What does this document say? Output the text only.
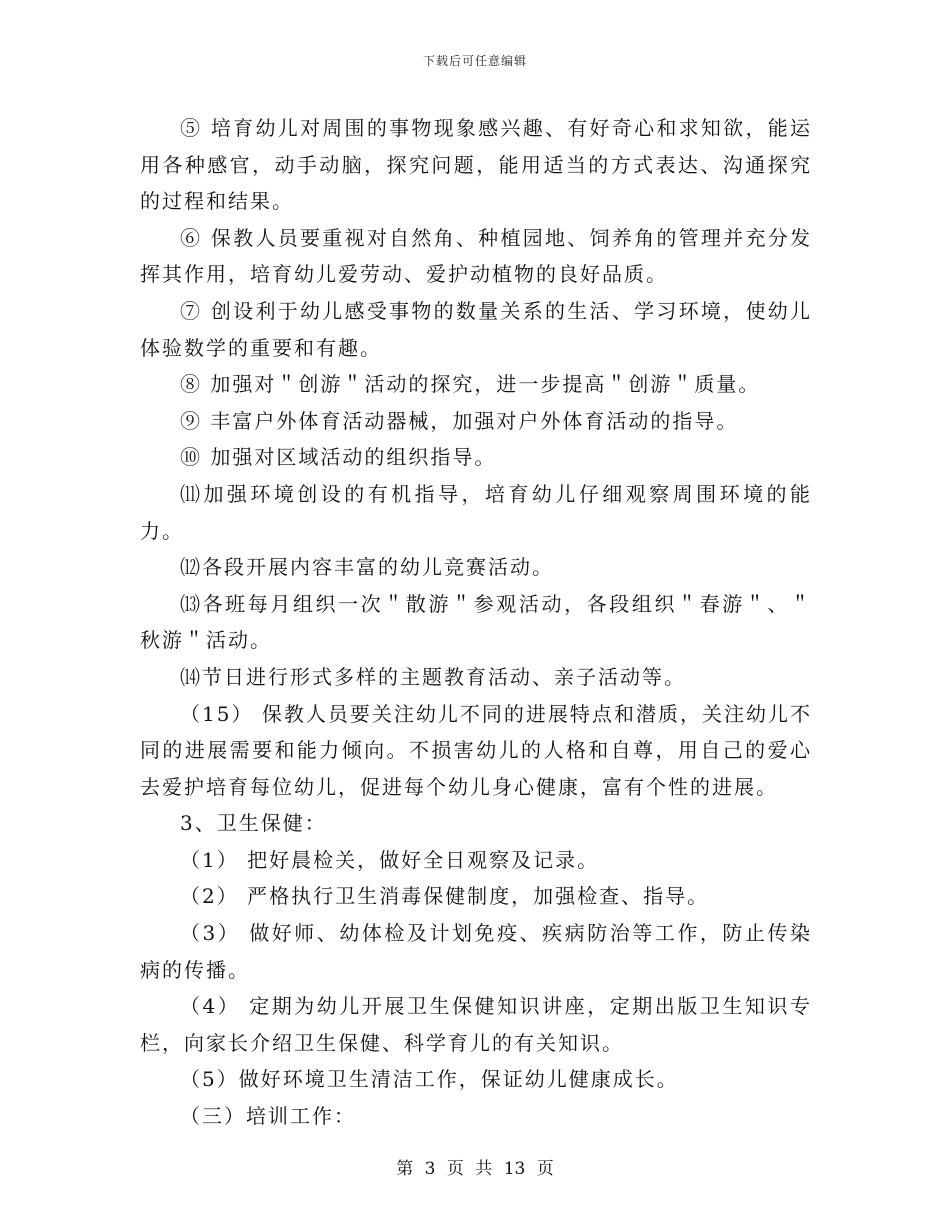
下载后可任意编辑

⑤ 培育幼儿对周围的事物现象感兴趣、有好奇心和求知欲，能运用各种感官，动手动脑，探究问题，能用适当的方式表达、沟通探究的过程和结果。

⑥ 保教人员要重视对自然角、种植园地、饲养角的管理并充分发挥其作用，培育幼儿爱劳动、爱护动植物的良好品质。

⑦ 创设利于幼儿感受事物的数量关系的生活、学习环境，使幼儿体验数学的重要和有趣。

⑧ 加强对＂创游＂活动的探究，进一步提高＂创游＂质量。

⑨ 丰富户外体育活动器械，加强对户外体育活动的指导。

⑩ 加强对区域活动的组织指导。

⑾加强环境创设的有机指导，培育幼儿仔细观察周围环境的能力。

⑿各段开展内容丰富的幼儿竞赛活动。

⒀各班每月组织一次＂散游＂参观活动，各段组织＂春游＂、＂秋游＂活动。

⒁节日进行形式多样的主题教育活动、亲子活动等。

（15） 保教人员要关注幼儿不同的进展特点和潜质，关注幼儿不同的进展需要和能力倾向。不损害幼儿的人格和自尊，用自己的爱心去爱护培育每位幼儿，促进每个幼儿身心健康，富有个性的进展。

3、卫生保健：

（1） 把好晨检关，做好全日观察及记录。

（2） 严格执行卫生消毒保健制度，加强检查、指导。

（3） 做好师、幼体检及计划免疫、疾病防治等工作，防止传染病的传播。

（4） 定期为幼儿开展卫生保健知识讲座，定期出版卫生知识专栏，向家长介绍卫生保健、科学育儿的有关知识。

（5）做好环境卫生清洁工作，保证幼儿健康成长。

（三）培训工作：

第 3 页 共 13 页
